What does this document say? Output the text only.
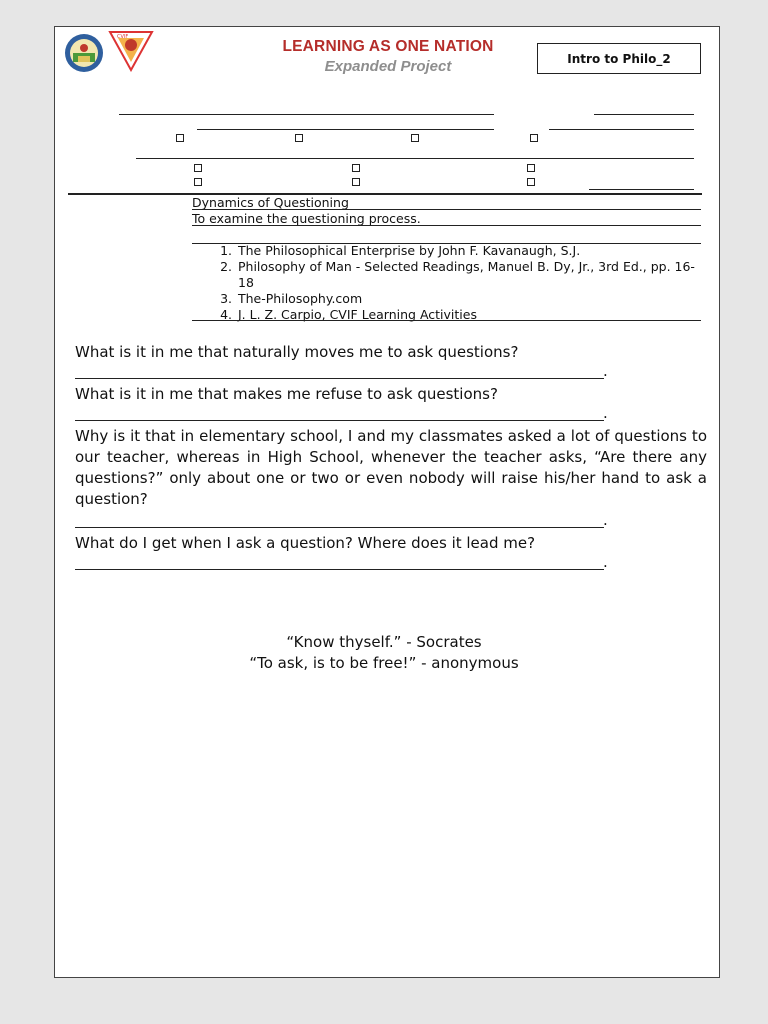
CVIF
LEARNING AS ONE NATION
Expanded Project	Intro to Philo_2
Dynamics of Questioning
To examine the questioning process.
1. The Philosophical Enterprise by John F. Kavanaugh, S.J.
2. Philosophy of Man - Selected Readings, Manuel B. Dy, Jr., 3rd Ed., pp. 16-18
3. The-Philosophy.com
4. J. L. Z. Carpio, CVIF Learning Activities
What is it in me that naturally moves me to ask questions?
.
What is it in me that makes me refuse to ask questions?
.
Why is it that in elementary school, I and my classmates asked a lot of questions to our teacher, whereas in High School, whenever the teacher asks, “Are there any questions?” only about one or two or even nobody will raise his/her hand to ask a question?
.
What do I get when I ask a question? Where does it lead me?
.
“Know thyself.” - Socrates
“To ask, is to be free!” - anonymous
